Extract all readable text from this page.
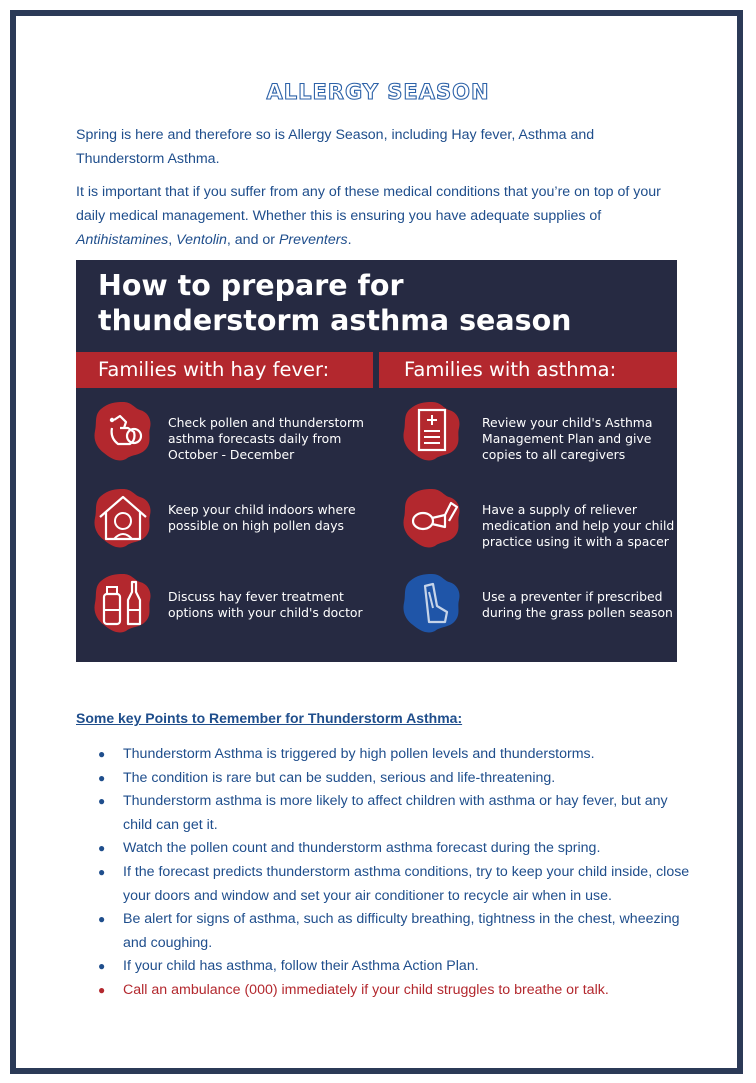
ALLERGY SEASON

Spring is here and therefore so is Allergy Season, including Hay fever, Asthma and Thunderstorm Asthma.

It is important that if you suffer from any of these medical conditions that you’re on top of your daily medical management. Whether this is ensuring you have adequate supplies of Antihistamines, Ventolin, and or Preventers.

How to prepare for
thunderstorm asthma season
Families with hay fever:	Families with asthma:
Check pollen and thunderstorm
asthma forecasts daily from
October - December
Keep your child indoors where
possible on high pollen days
Discuss hay fever treatment
options with your child's doctor
Review your child's Asthma
Management Plan and give
copies to all caregivers
Have a supply of reliever
medication and help your child
practice using it with a spacer
Use a preventer if prescribed
during the grass pollen season
Some key Points to Remember for Thunderstorm Asthma:
● Thunderstorm Asthma is triggered by high pollen levels and thunderstorms.
● The condition is rare but can be sudden, serious and life-threatening.
● Thunderstorm asthma is more likely to affect children with asthma or hay fever, but any child can get it.
● Watch the pollen count and thunderstorm asthma forecast during the spring.
● If the forecast predicts thunderstorm asthma conditions, try to keep your child inside, close your doors and window and set your air conditioner to recycle air when in use.
● Be alert for signs of asthma, such as difficulty breathing, tightness in the chest, wheezing and coughing.
● If your child has asthma, follow their Asthma Action Plan.
● Call an ambulance (000) immediately if your child struggles to breathe or talk.
